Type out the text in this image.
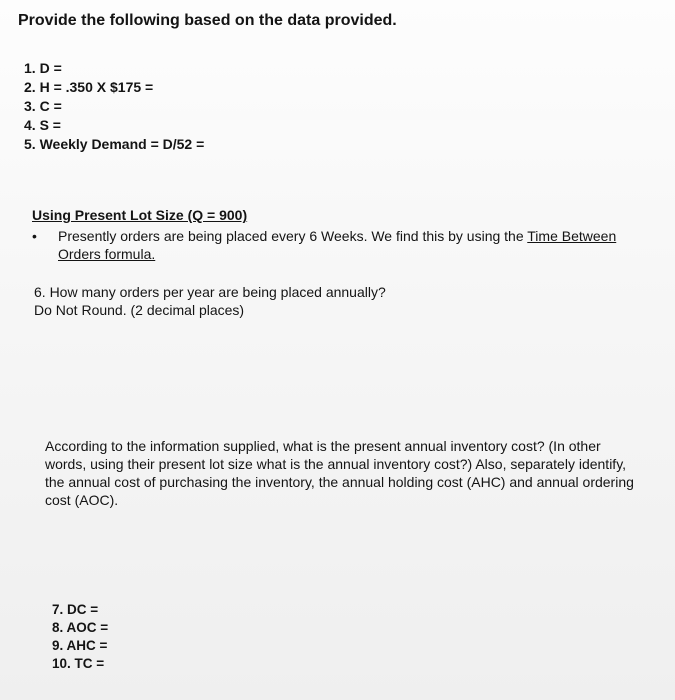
Provide the following based on the data provided.
1. D =
2. H = .350 X $175 =
3. C =
4. S =
5. Weekly Demand = D/52 =
Using Present Lot Size (Q = 900)
• Presently orders are being placed every 6 Weeks. We find this by using the Time Between Orders formula.
6. How many orders per year are being placed annually?
Do Not Round. (2 decimal places)
According to the information supplied, what is the present annual inventory cost? (In other words, using their present lot size what is the annual inventory cost?) Also, separately identify, the annual cost of purchasing the inventory, the annual holding cost (AHC) and annual ordering cost (AOC).
7. DC =
8. AOC =
9. AHC =
10. TC =
